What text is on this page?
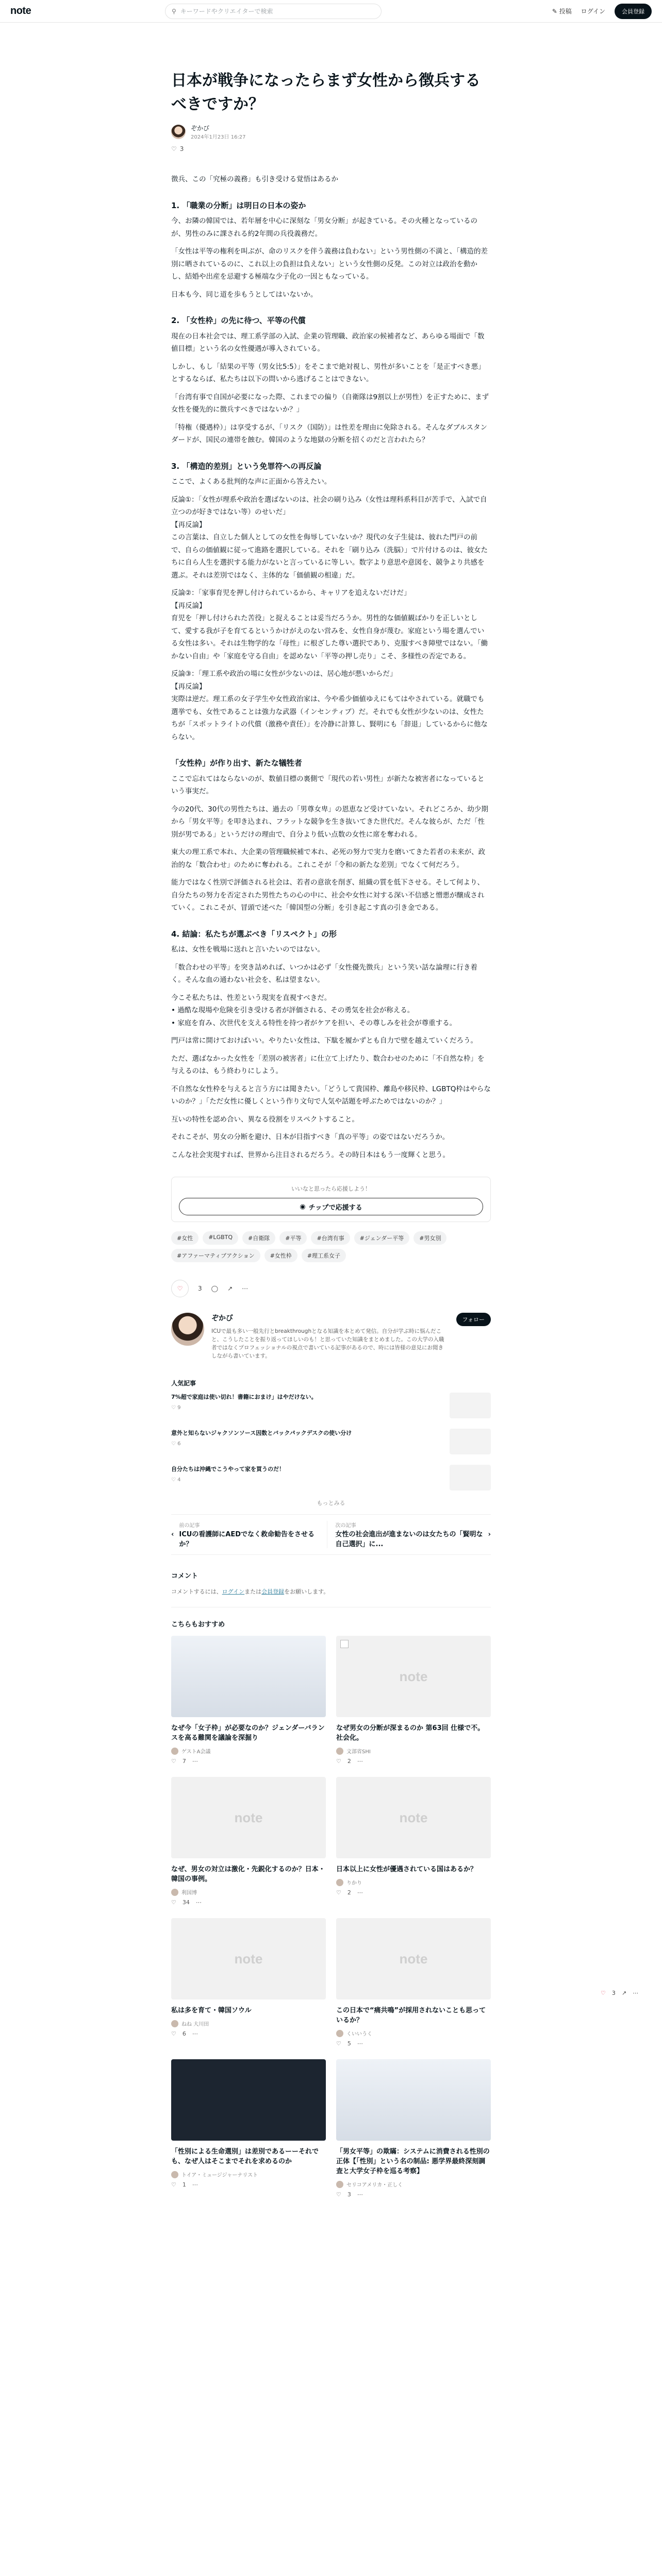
note	⚲ キーワードやクリエイターで検索	✎ 投稿 ログイン	会員登録
♡ 3 ↗ ⋯
日本が戦争になったらまず女性から徴兵するべきですか？
ぞかび
2024年1月23日 16:27
♡ 3

徴兵、この「究極の義務」も引き受ける覚悟はあるか

1. 「職業の分断」は明日の日本の姿か

今、お隣の韓国では、若年層を中心に深刻な「男女分断」が起きている。その火種となっているのが、男性のみに課される約2年間の兵役義務だ。

「女性は平等の権利を叫ぶが、命のリスクを伴う義務は負わない」という男性側の不満と、「構造的差別に晒されているのに、これ以上の負担は負えない」という女性側の反発。この対立は政治を動かし、結婚や出産を忌避する極端な少子化の一因ともなっている。

日本も今、同じ道を歩もうとしてはいないか。

2. 「女性枠」の先に待つ、平等の代償

現在の日本社会では、理工系学部の入試、企業の管理職、政治家の候補者など、あらゆる場面で「数値目標」という名の女性優遇が導入されている。

しかし、もし「結果の平等（男女比5:5）」をそこまで絶対視し、男性が多いことを「是正すべき悪」とするならば、私たちは以下の問いから逃げることはできない。

「台湾有事で自国が必要になった際、これまでの偏り（自衛隊は9割以上が男性）を正すために、まず女性を優先的に徴兵すべきではないか？」

「特権（優遇枠）」は享受するが、「リスク（国防）」は性差を理由に免除される。そんなダブルスタンダードが、国民の連帯を蝕む。韓国のような地獄の分断を招くのだと言われたら？

3. 「構造的差別」という免罪符への再反論

ここで、よくある批判的な声に正面から答えたい。

反論①：「女性が理系や政治を選ばないのは、社会の刷り込み（女性は理科系科目が苦手で、入試で自立つのが好きではない等）のせいだ」
【再反論】
この言葉は、自立した個人としての女性を侮辱していないか？現代の女子生徒は、彼れた門戸の前で、自らの価値観に従って進路を選択している。それを「刷り込み（洗脳）」で片付けるのは、彼女たちに自ら人生を選択する能力がないと言っているに等しい。数字より意思や意図を、競争より共感を選ぶ。それは差別ではなく、主体的な「価値観の相違」だ。

反論②：「家事育児を押し付けられているから、キャリアを追えないだけだ」
【再反論】
育児を「押し付けられた苦役」と捉えることは妥当だろうか。男性的な価値観ばかりを正しいとして、愛する我が子を育てるというかけがえのない営みを、女性自身が蔑む。家庭という場を選んでいる女性は多い。それは生物学的な「母性」に根ざした尊い選択であり、克服すべき障壁ではない。「働かない自由」や「家庭を守る自由」を認めない「平等の押し売り」こそ、多様性の否定である。

反論③：「理工系や政治の場に女性が少ないのは、居心地が悪いからだ」
【再反論】
実際は逆だ。理工系の女子学生や女性政治家は、今や希少価値ゆえにもてはやされている。就職でも選挙でも、女性であることは強力な武器（インセンティブ）だ。それでも女性が少ないのは、女性たちが「スポットライトの代償（激務や責任）」を冷静に計算し、賢明にも「辞退」しているからに他ならない。

「女性枠」が作り出す、新たな犠牲者

ここで忘れてはならないのが、数値目標の裏側で「現代の若い男性」が新たな被害者になっているという事実だ。

今の20代、30代の男性たちは、過去の「男尊女卑」の恩恵など受けていない。それどころか、幼少期から「男女平等」を叩き込まれ、フラットな競争を生き抜いてきた世代だ。そんな彼らが、ただ「性別が男である」というだけの理由で、自分より低い点数の女性に席を奪われる。

東大の理工系で本れ、大企業の管理職候補で本れ、必死の努力で実力を磨いてきた若者の未来が、政治的な「数合わせ」のために奪われる。これこそが「令和の新たな差別」でなくて何だろう。

能力ではなく性別で評価される社会は、若者の意欲を削ぎ、組織の質を低下させる。そして何より、自分たちの努力を否定された男性たちの心の中に、社会や女性に対する深い不信感と憎悪が醸成されていく。これこそが、冒頭で述べた「韓国型の分断」を引き起こす真の引き金である。

4. 結論：私たちが選ぶべき「リスペクト」の形

私は、女性を戦場に送れと言いたいのではない。

「数合わせの平等」を突き詰めれば、いつかは必ず「女性優先徴兵」という笑い話な論理に行き着く。そんな血の通わない社会を、私は望まない。

今こそ私たちは、性差という現実を直視すべきだ。
• 過酷な現場や危険を引き受ける者が評価される、その勇気を社会が称える。
• 家庭を育み、次世代を支える特性を持つ者がケアを担い、その尊しみを社会が尊重する。

門戸は常に開けておけばいい。やりたい女性は、下駄を履かずとも自力で壁を越えていくだろう。

ただ、選ばなかった女性を「差別の被害者」に仕立て上げたり、数合わせのために「不自然な枠」を与えるのは、もう終わりにしよう。

不自然な女性枠を与えると言う方には聞きたい。「どうして貴国枠、離島や移民枠、LGBTQ枠はやらないのか？」「ただ女性に優しくという作り文句で人気や話題を呼ぶためではないのか？」

互いの特性を認め合い、異なる役割をリスペクトすること。

それこそが、男女の分断を避け、日本が目指すべき「真の平等」の姿ではないだろうか。

こんな社会実現すれば、世界から注目されるだろう。その時日本はもう一度輝くと思う。

いいなと思ったら応援しよう！
◉ チップで応援する
#女性	#LGBTQ	#自衛隊	#平等	#台湾有事	#ジェンダー平等	#男女別
#アファーマティブアクション	#女性枠	#理工系女子
♡ 3 ◯ ↗ ⋯
ぞかび
ICUで最も多い一般先行とbreakthroughとなる知識を本とめて発信。自分が学ぶ時に悩んだこと、こうしたことを振り返ってほしいのも！と思っていた知識をまとめました。この大学の入職者ではなくプロフェッショナルの視点で書いている記事があるので、時には皆様の意見にお聞きしながら書いています。
フォロー
人気記事
7%超で家庭は使い切れ！書籍におまけ」はやだけない。
♡ 9
意外と知らないジャクソンソース因数とバックパックデスクの使い分け
♡ 6
自分たちは沖縄でこうやって家を買うのだ！
♡ 4
もっとみる
‹
前の記事
ICUの看護師にAEDでなく救命勧告をさせるか？
次の記事
女性の社会進出が進まないのは女たちの「賢明な自己選択」に...
›
コメント
コメントするには、ログインまたは会員登録をお願いします。
こちらもおすすめ
なぜ今「女子枠」が必要なのか？ジェンダーバランスを高る難関を議論を深掘り
ゲストA会議
♡ 7 ⋯
note
なぜ男女の分断が深まるのか 第63回 仕様で不。社会化。
文部省SHI
♡ 2 ⋯
note
なぜ、男女の対立は激化・先鋭化するのか？日本・韓国の事例。
利国博
♡ 34 ⋯
note
日本以上に女性が優遇されている国はあるか？
りかり
♡ 2 ⋯
note
私は多を育て・韓国ソウル
ねね 大川田
♡ 6 ⋯
note
この日本で“痛共鳴”が採用されないことも思っているか？
くいいうく
♡ 5 ⋯
「性別による生命選別」は差別であるーーそれでも、なぜ人はそこまでそれを求めるのか
トイア・ミュージジャーナリスト
♡ 1 ⋯
「男女平等」の欺瞞：システムに消費される性別の正体【「性別」という名の制品: 悪学界最終深刻調査と大学女子枠を巡る考察】
セリコアメリカ・正しく
♡ 3 ⋯
